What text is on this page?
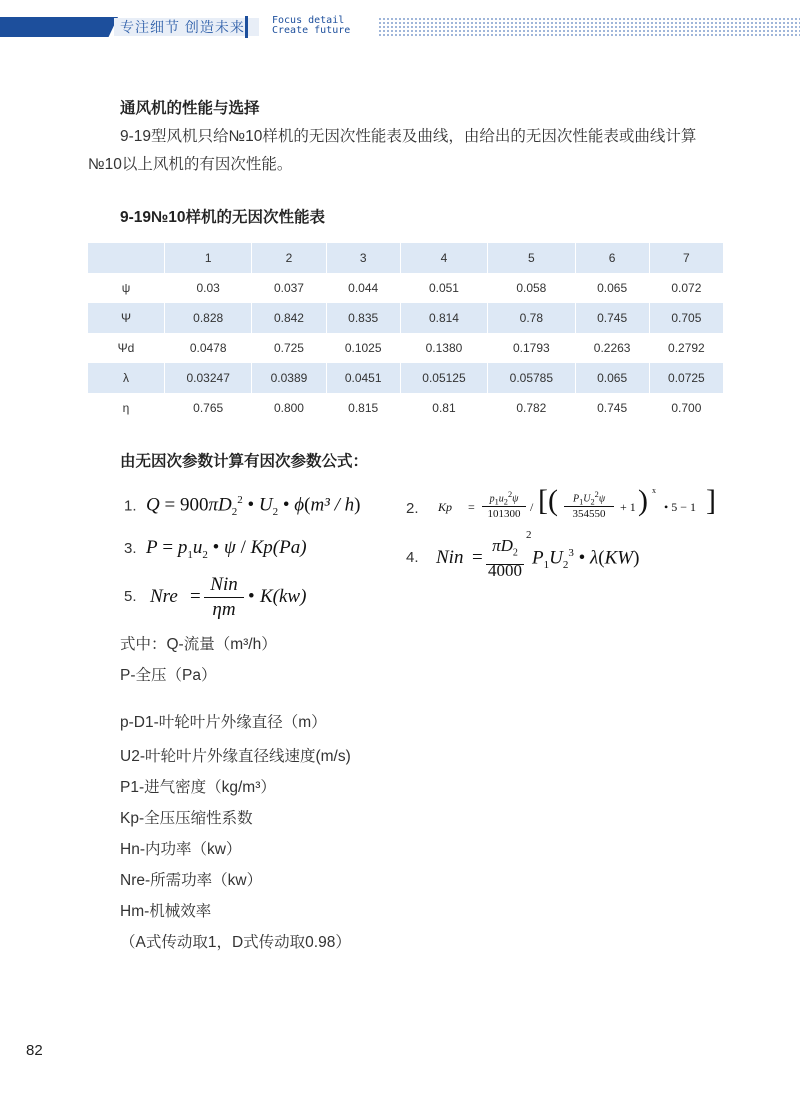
专注细节 创造未来	Focus detail
Create future
通风机的性能与选择
9-19型风机只给№10样机的无因次性能表及曲线，由给出的无因次性能表或曲线计算
№10以上风机的有因次性能。
9-19№10样机的无因次性能表
	1	2	3	4	5	6	7
ψ	0.03	0.037	0.044	0.051	0.058	0.065	0.072
Ψ	0.828	0.842	0.835	0.814	0.78	0.745	0.705
Ψd	0.0478	0.725	0.1025	0.1380	0.1793	0.2263	0.2792
λ	0.03247	0.0389	0.0451	0.05125	0.05785	0.065	0.0725
η	0.765	0.800	0.815	0.81	0.782	0.745	0.700
由无因次参数计算有因次参数公式：
1. $Q = 900\pi D_2^2$ • $U_2$ • ϕ(m³ / h)	2. Kp =
$p_1u_2^2\psi$
101300 / [ (	$P_1U_2^2\psi$
354550	+ 1 ) x
• 5 − 1 ]
3. $P = p_1u_2$ • ψ / Kp(Pa)	4. Nin =
$\pi D_2$
2
4000
$P_1U_2^3$ • λ(KW)
5. Nre =
Nin
ηm
• K(kw)
式中：Q-流量（m³/h）
P-全压（Pa）
p-D1-叶轮叶片外缘直径（m）
U2-叶轮叶片外缘直径线速度(m/s)
P1-进气密度（kg/m³）
Kp-全压压缩性系数
Hn-内功率（kw）
Nre-所需功率（kw）
Hm-机械效率
（A式传动取1，D式传动取0.98）
82
